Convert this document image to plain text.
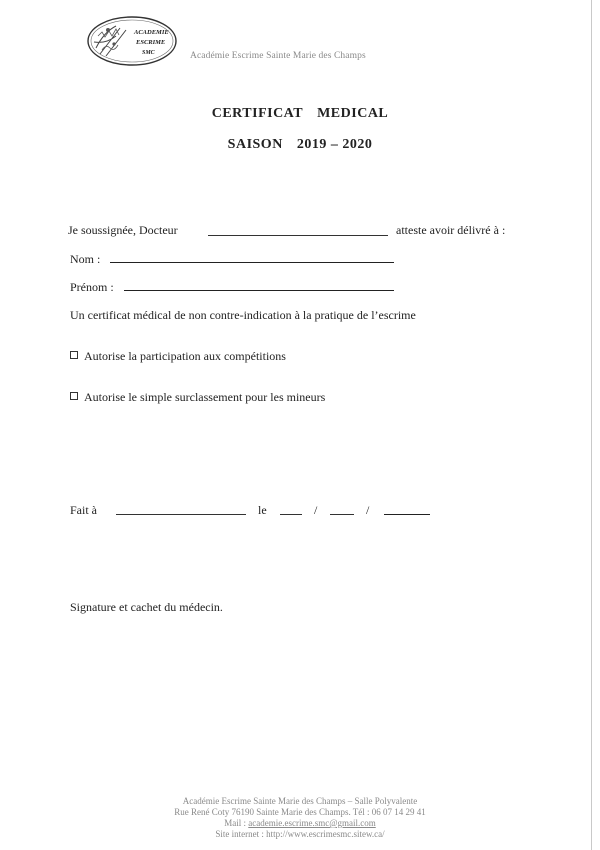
ACADEMIE
ESCRIME
SMC	Académie Escrime Sainte Marie des Champs
CERTIFICAT MEDICAL
SAISON 2019 – 2020
Je soussignée, Docteur	atteste avoir délivré à :
Nom :
Prénom :
Un certificat médical de non contre-indication à la pratique de l’escrime
Autorise la participation aux compétitions
Autorise le simple surclassement pour les mineurs
Fait à	le	/	/
Signature et cachet du médecin.
Académie Escrime Sainte Marie des Champs – Salle Polyvalente
Rue René Coty 76190 Sainte Marie des Champs. Tél : 06 07 14 29 41
Mail : academie.escrime.smc@gmail.com
Site internet : http://www.escrimesmc.sitew.ca/
